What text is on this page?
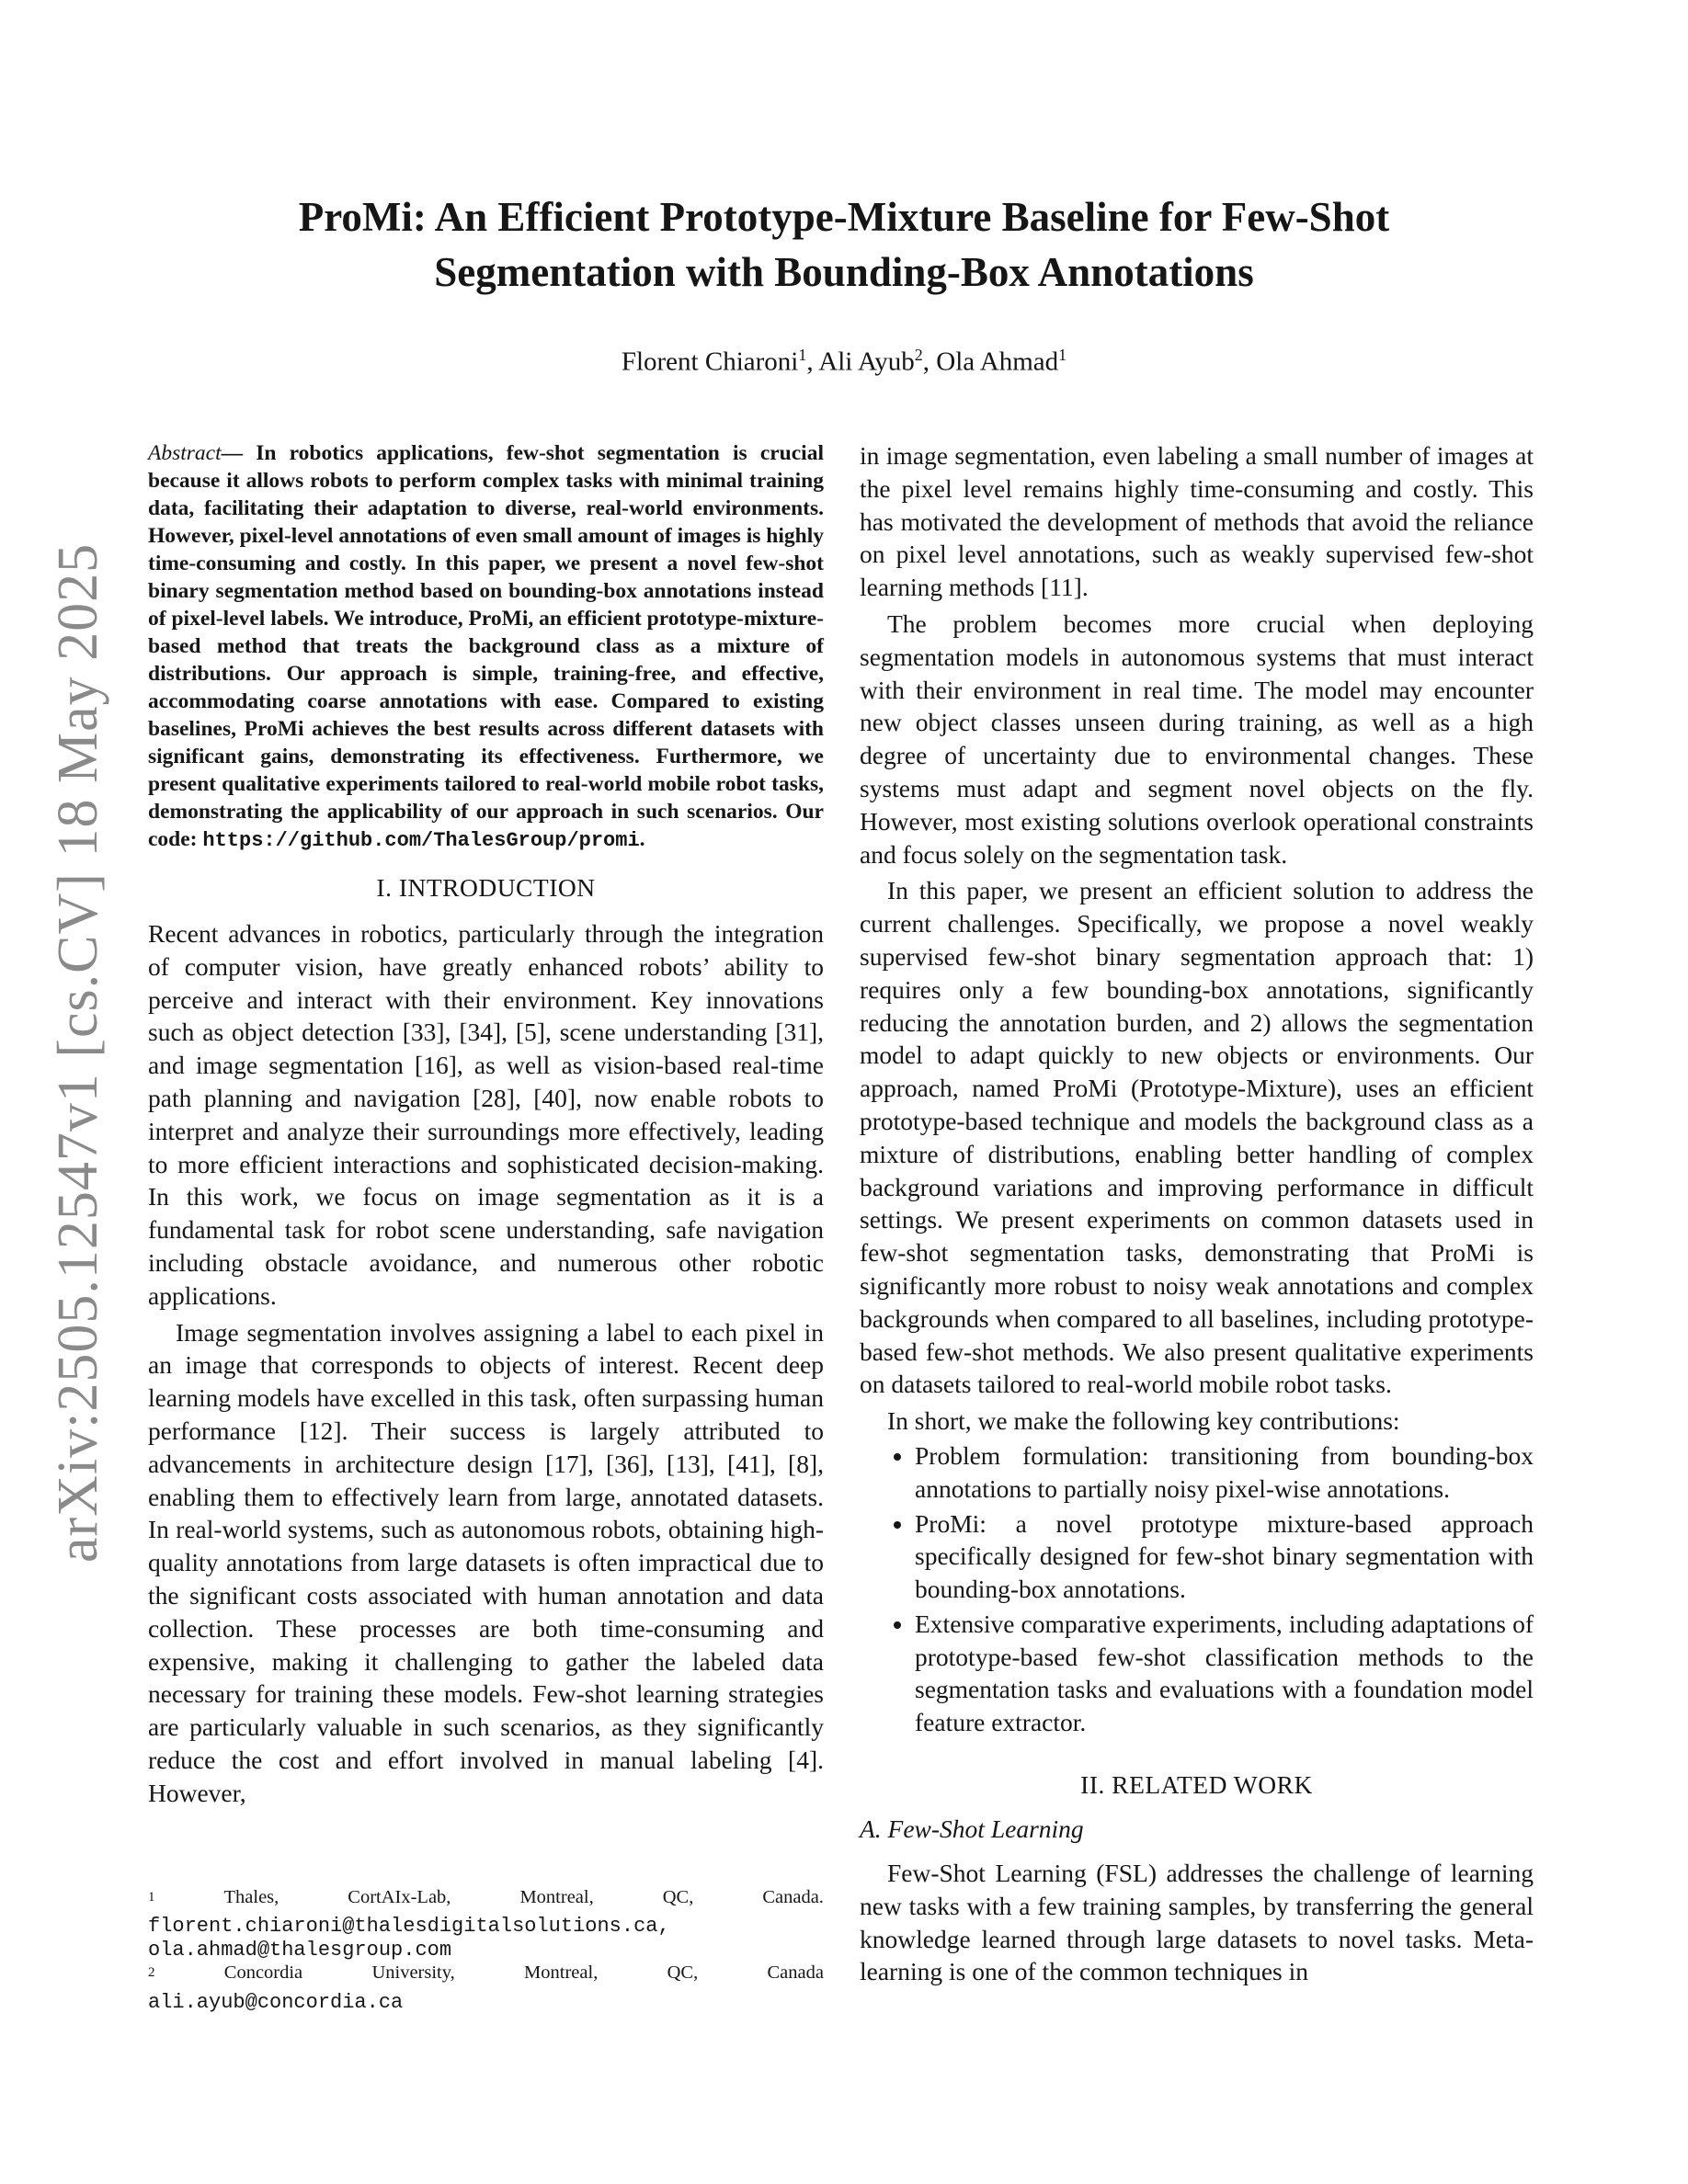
arXiv:2505.12547v1 [cs.CV] 18 May 2025
ProMi: An Efficient Prototype-Mixture Baseline for Few-Shot
Segmentation with Bounding-Box Annotations
Florent Chiaroni$^1$, Ali Ayub$^2$, Ola Ahmad$^1$
Abstract— In robotics applications, few-shot segmentation is crucial because it allows robots to perform complex tasks with minimal training data, facilitating their adaptation to diverse, real-world environments. However, pixel-level annotations of even small amount of images is highly time-consuming and costly. In this paper, we present a novel few-shot binary segmentation method based on bounding-box annotations instead of pixel-level labels. We introduce, ProMi, an efficient prototype-mixture-based method that treats the background class as a mixture of distributions. Our approach is simple, training-free, and effective, accommodating coarse annotations with ease. Compared to existing baselines, ProMi achieves the best results across different datasets with significant gains, demonstrating its effectiveness. Furthermore, we present qualitative experiments tailored to real-world mobile robot tasks, demonstrating the applicability of our approach in such scenarios. Our code: https://github.com/ThalesGroup/promi.
I. INTRODUCTION

Recent advances in robotics, particularly through the integration of computer vision, have greatly enhanced robots’ ability to perceive and interact with their environment. Key innovations such as object detection [33], [34], [5], scene understanding [31], and image segmentation [16], as well as vision-based real-time path planning and navigation [28], [40], now enable robots to interpret and analyze their surroundings more effectively, leading to more efficient interactions and sophisticated decision-making. In this work, we focus on image segmentation as it is a fundamental task for robot scene understanding, safe navigation including obstacle avoidance, and numerous other robotic applications.

Image segmentation involves assigning a label to each pixel in an image that corresponds to objects of interest. Recent deep learning models have excelled in this task, often surpassing human performance [12]. Their success is largely attributed to advancements in architecture design [17], [36], [13], [41], [8], enabling them to effectively learn from large, annotated datasets. In real-world systems, such as autonomous robots, obtaining high-quality annotations from large datasets is often impractical due to the significant costs associated with human annotation and data collection. These processes are both time-consuming and expensive, making it challenging to gather the labeled data necessary for training these models. Few-shot learning strategies are particularly valuable in such scenarios, as they significantly reduce the cost and effort involved in manual labeling [4]. However,

$^1$	Thales,	CortAIx-Lab,	Montreal,	QC,	Canada.
florent.chiaroni@thalesdigitalsolutions.ca,
ola.ahmad@thalesgroup.com
$^2$	Concordia	University,	Montreal,	QC,	Canada
ali.ayub@concordia.ca

in image segmentation, even labeling a small number of images at the pixel level remains highly time-consuming and costly. This has motivated the development of methods that avoid the reliance on pixel level annotations, such as weakly supervised few-shot learning methods [11].

The problem becomes more crucial when deploying segmentation models in autonomous systems that must interact with their environment in real time. The model may encounter new object classes unseen during training, as well as a high degree of uncertainty due to environmental changes. These systems must adapt and segment novel objects on the fly. However, most existing solutions overlook operational constraints and focus solely on the segmentation task.

In this paper, we present an efficient solution to address the current challenges. Specifically, we propose a novel weakly supervised few-shot binary segmentation approach that: 1) requires only a few bounding-box annotations, significantly reducing the annotation burden, and 2) allows the segmentation model to adapt quickly to new objects or environments. Our approach, named ProMi (Prototype-Mixture), uses an efficient prototype-based technique and models the background class as a mixture of distributions, enabling better handling of complex background variations and improving performance in difficult settings. We present experiments on common datasets used in few-shot segmentation tasks, demonstrating that ProMi is significantly more robust to noisy weak annotations and complex backgrounds when compared to all baselines, including prototype-based few-shot methods. We also present qualitative experiments on datasets tailored to real-world mobile robot tasks.

In short, we make the following key contributions:

• Problem formulation: transitioning from bounding-box annotations to partially noisy pixel-wise annotations.
• ProMi: a novel prototype mixture-based approach specifically designed for few-shot binary segmentation with bounding-box annotations.
• Extensive comparative experiments, including adaptations of prototype-based few-shot classification methods to the segmentation tasks and evaluations with a foundation model feature extractor.
II. RELATED WORK
A. Few-Shot Learning

Few-Shot Learning (FSL) addresses the challenge of learning new tasks with a few training samples, by transferring the general knowledge learned through large datasets to novel tasks. Meta-learning is one of the common techniques in
